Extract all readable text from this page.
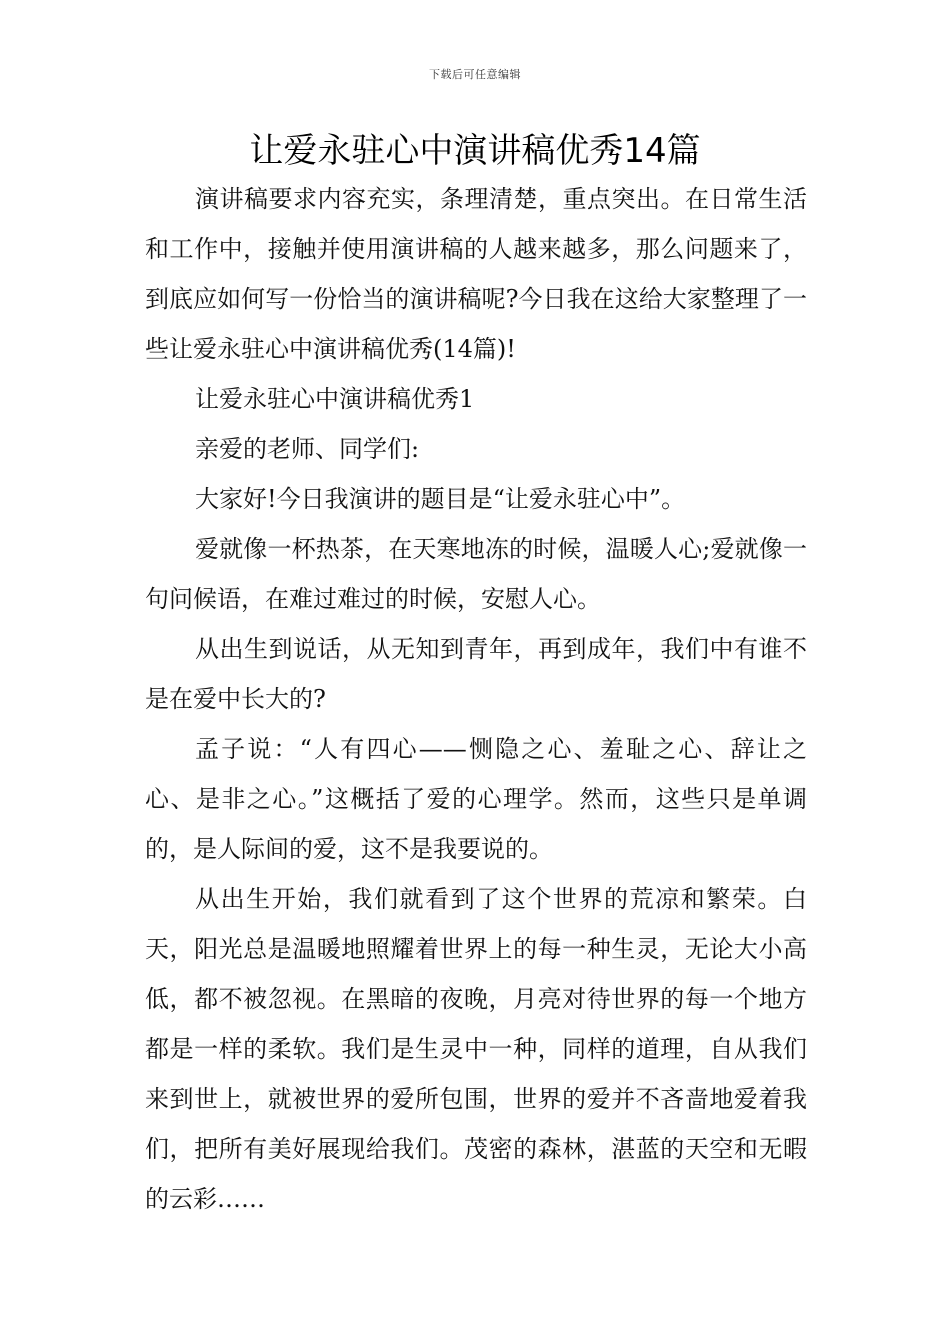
下载后可任意编辑
让爱永驻心中演讲稿优秀14篇

演讲稿要求内容充实，条理清楚，重点突出。在日常生活和工作中，接触并使用演讲稿的人越来越多，那么问题来了，到底应如何写一份恰当的演讲稿呢?今日我在这给大家整理了一些让爱永驻心中演讲稿优秀(14篇)!

让爱永驻心中演讲稿优秀1

亲爱的老师、同学们:

大家好!今日我演讲的题目是“让爱永驻心中”。

爱就像一杯热茶，在天寒地冻的时候，温暖人心;爱就像一句问候语，在难过难过的时候，安慰人心。

从出生到说话，从无知到青年，再到成年，我们中有谁不是在爱中长大的?

孟子说：“人有四心——恻隐之心、羞耻之心、辞让之心、是非之心。”这概括了爱的心理学。然而，这些只是单调的，是人际间的爱，这不是我要说的。

从出生开始，我们就看到了这个世界的荒凉和繁荣。白天，阳光总是温暖地照耀着世界上的每一种生灵，无论大小高低，都不被忽视。在黑暗的夜晚，月亮对待世界的每一个地方都是一样的柔软。我们是生灵中一种，同样的道理，自从我们来到世上，就被世界的爱所包围，世界的爱并不吝啬地爱着我们，把所有美好展现给我们。茂密的森林，湛蓝的天空和无暇的云彩……
